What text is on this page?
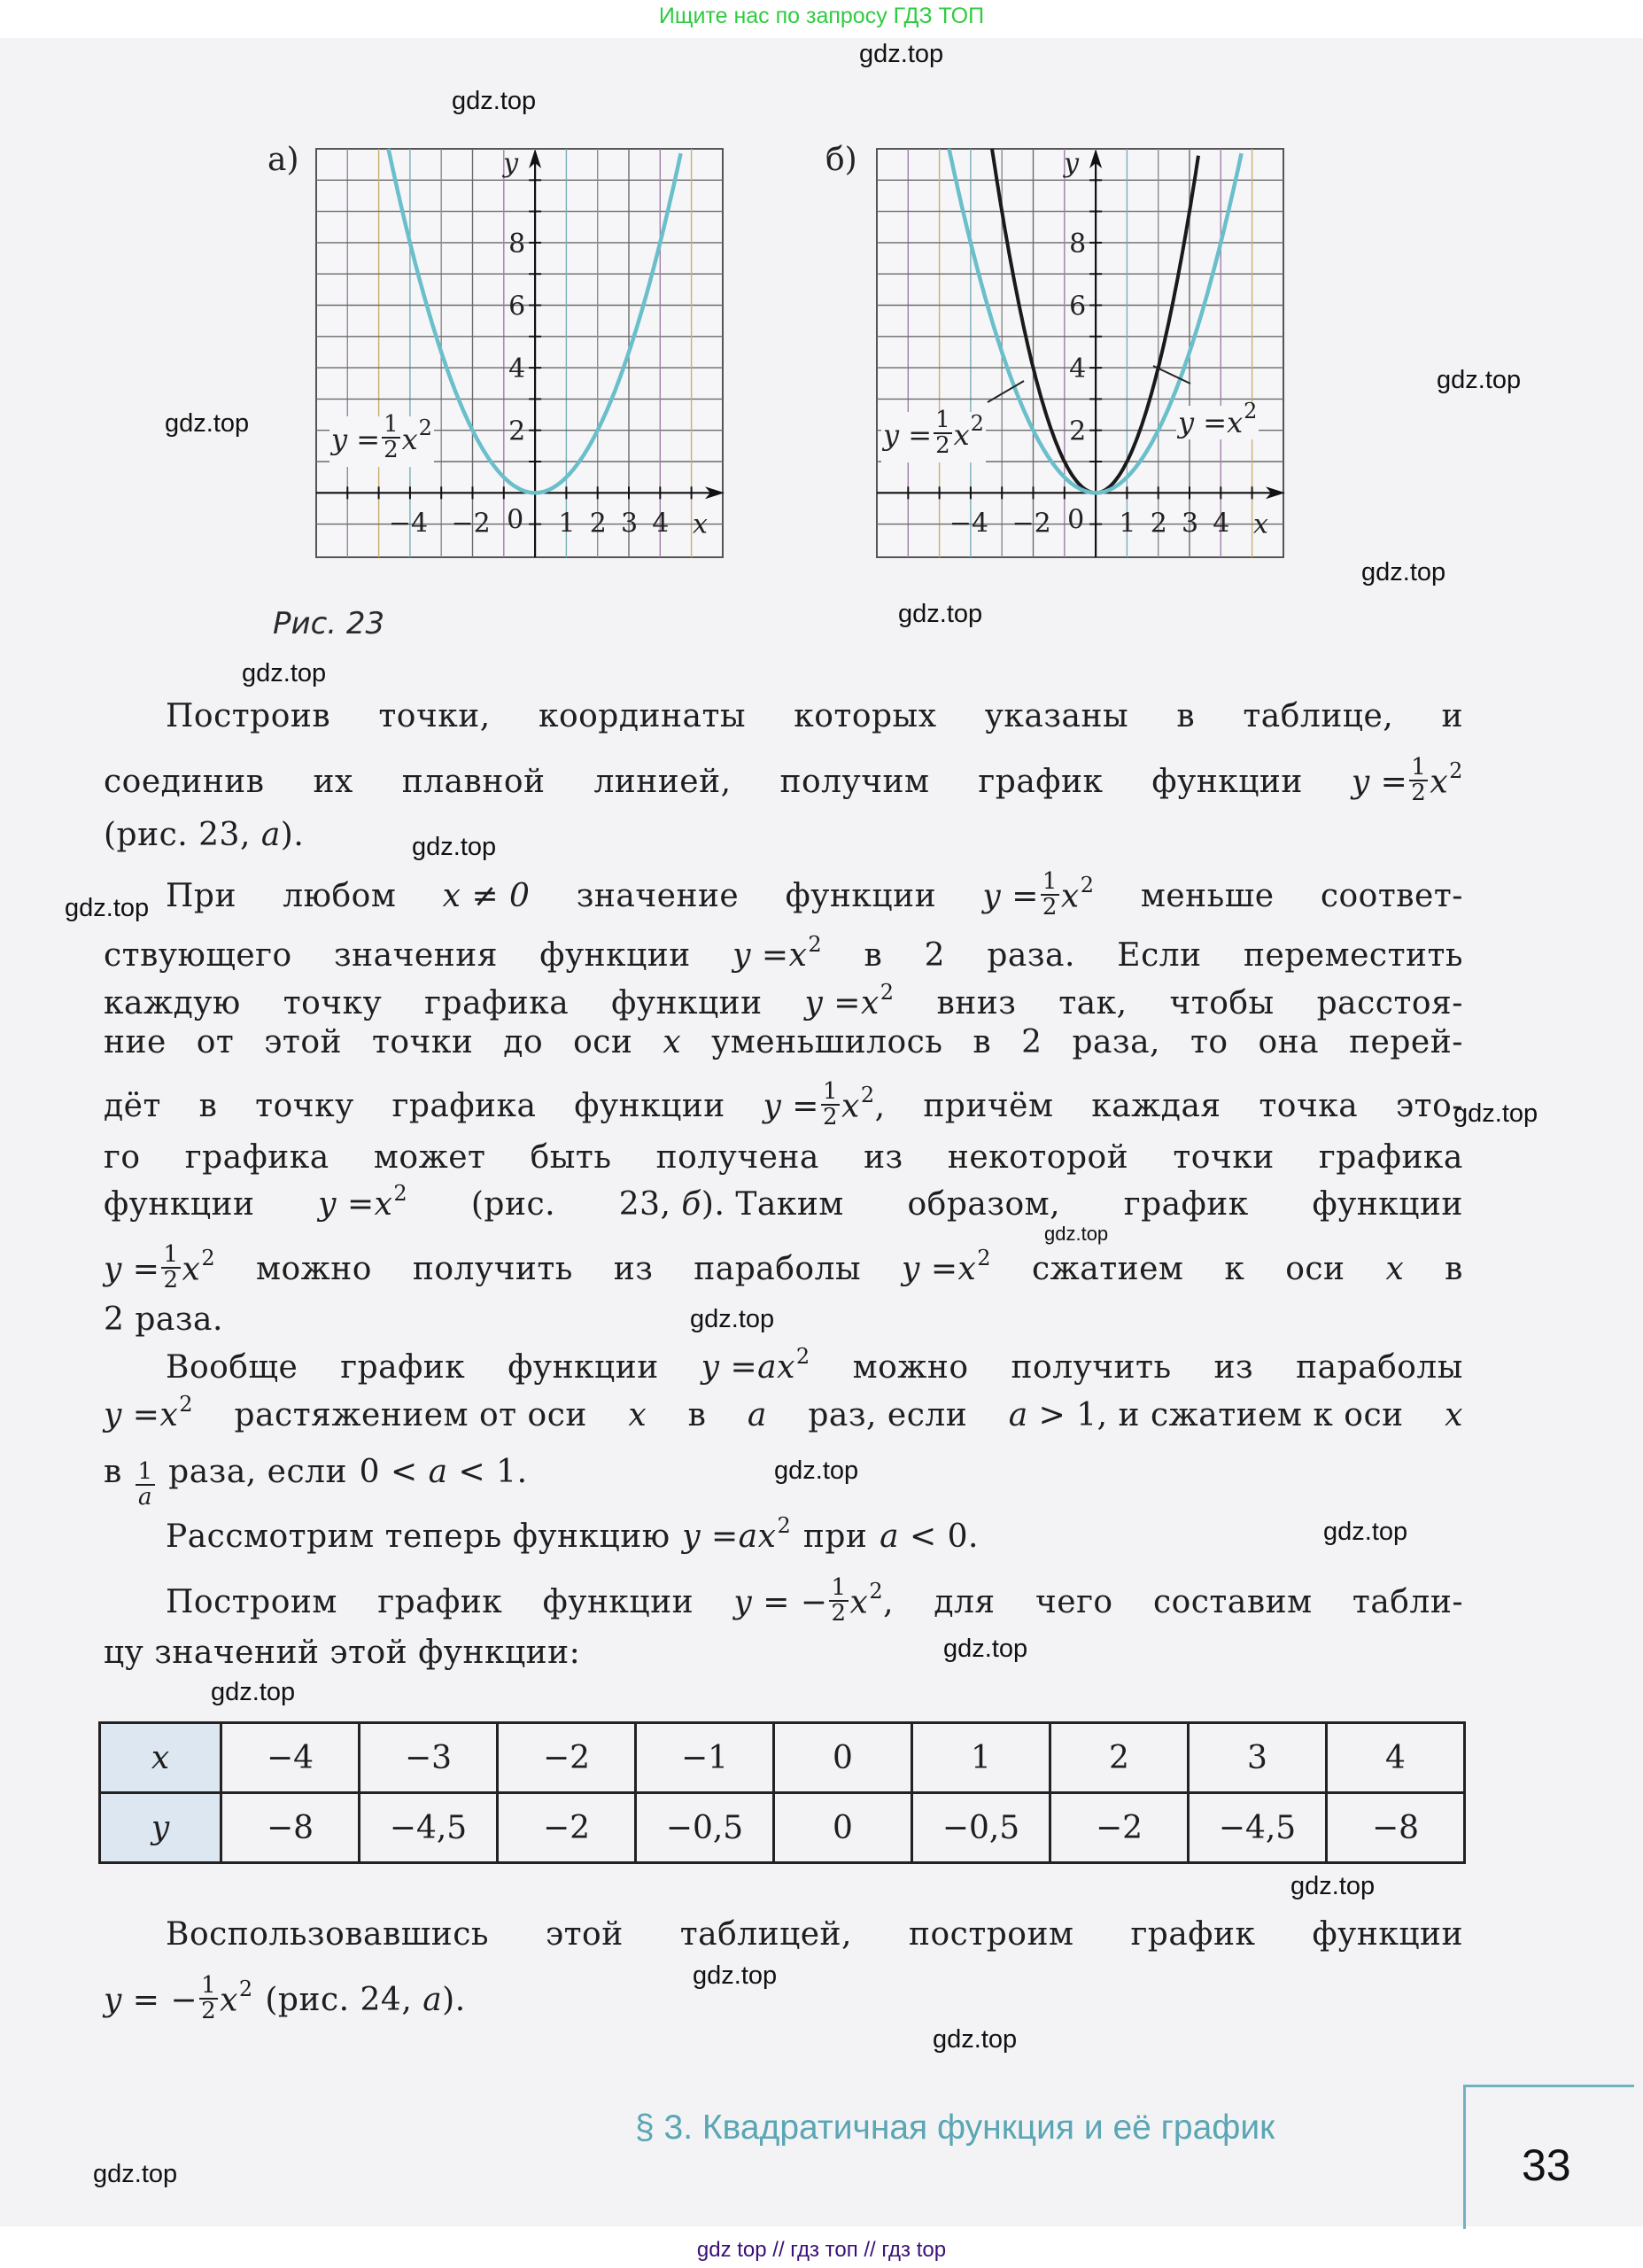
Ищите нас по запросу ГДЗ ТОП
gdz.top
gdz.top
gdz.top
gdz.top
gdz.top
gdz.top
gdz.top
gdz.top
gdz.top
gdz.top
gdz.top
gdz.top
gdz.top
gdz.top
gdz.top
gdz.top
gdz.top
gdz.top
gdz.top
gdz.top
а)	б)
y
x
8
6
4
2
−4 −2 0 1 2 3 4
y
x
8
6
4
2
−4 −2 0 1 2 3 4
Рис. 23
Построив точки, координаты которых указаны в таблице, и
соединив их плавной линией, получим график функции $y = \frac{1}{2} x^2$
(рис. 23, а).
При любом x ≠ 0 значение функции $y = \frac{1}{2} x^2$ меньше соответ-
ствующего значения функции $y =x^2$ в 2 раза. Если переместить
каждую точку графика функции $y =x^2$ вниз так, чтобы расстоя-
ние от этой точки до оси x уменьшилось в 2 раза, то она перей-
дёт в точку графика функции $y = \frac{1}{2} x^2$, причём каждая точка это-
го графика может быть получена из некоторой точки графика
функции $y =x^2$ (рис. 23, б). Таким образом, график функции
$y = \frac{1}{2} x^2$ можно получить из параболы $y =x^2$ сжатием к оси x в
2 раза.
Вообще график функции $y =ax^2$ можно получить из параболы
$y =x^2$ растяжением от оси x в a раз, если a > 1, и сжатием к оси x
в $\frac{1}{a}$ раза, если 0 < a < 1.
Рассмотрим теперь функцию $y =ax^2$ при a < 0.
Построим график функции y = − $\frac{1}{2} x^2$, для чего составим табли-
цу значений этой функции:
Воспользовавшись этой таблицей, построим график функции
y = − $\frac{1}{2} x^2$ (рис. 24, а).
x	−4	−3	−2	−1	0	1	2	3	4
y	−8	−4,5	−2	−0,5	0	−0,5	−2	−4,5	−8
§ 3. Квадратичная функция и её график
33
gdz top // гдз топ // гдз top
$y = \frac{1}{2} x^2$	$y = \frac{1}{2} x^2$	$y =x^2$
